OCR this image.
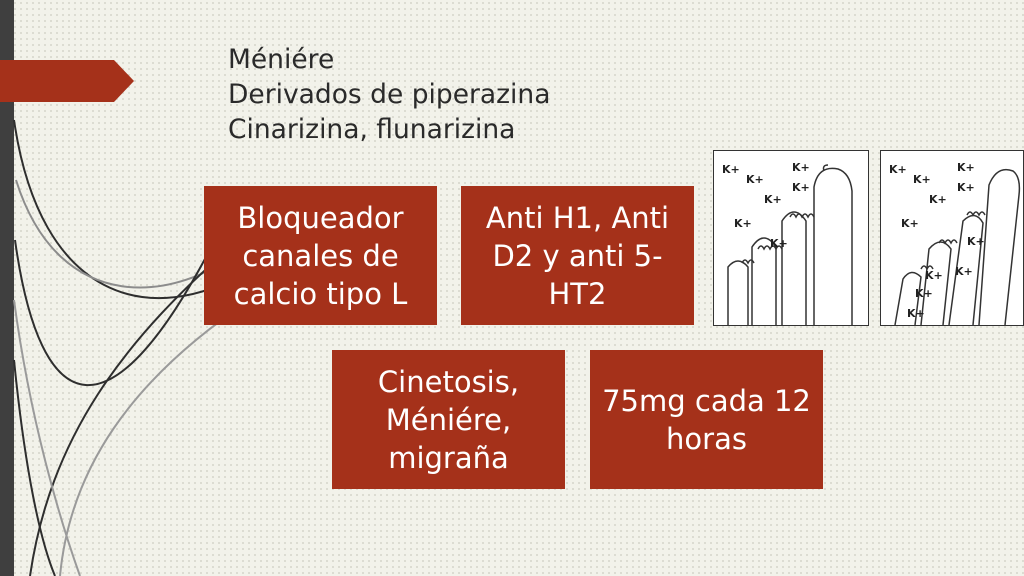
Méniére
Derivados de piperazina
Cinarizina, flunarizina
Bloqueador canales de calcio tipo L
Anti H1, Anti D2 y anti 5-HT2
Cinetosis, Méniére, migraña
75mg cada 12 horas
K+
K+
K+
K+
K+
K+
K+
K+
K+
K+
K+
K+
K+
K+
K+ K+
K+
K+
